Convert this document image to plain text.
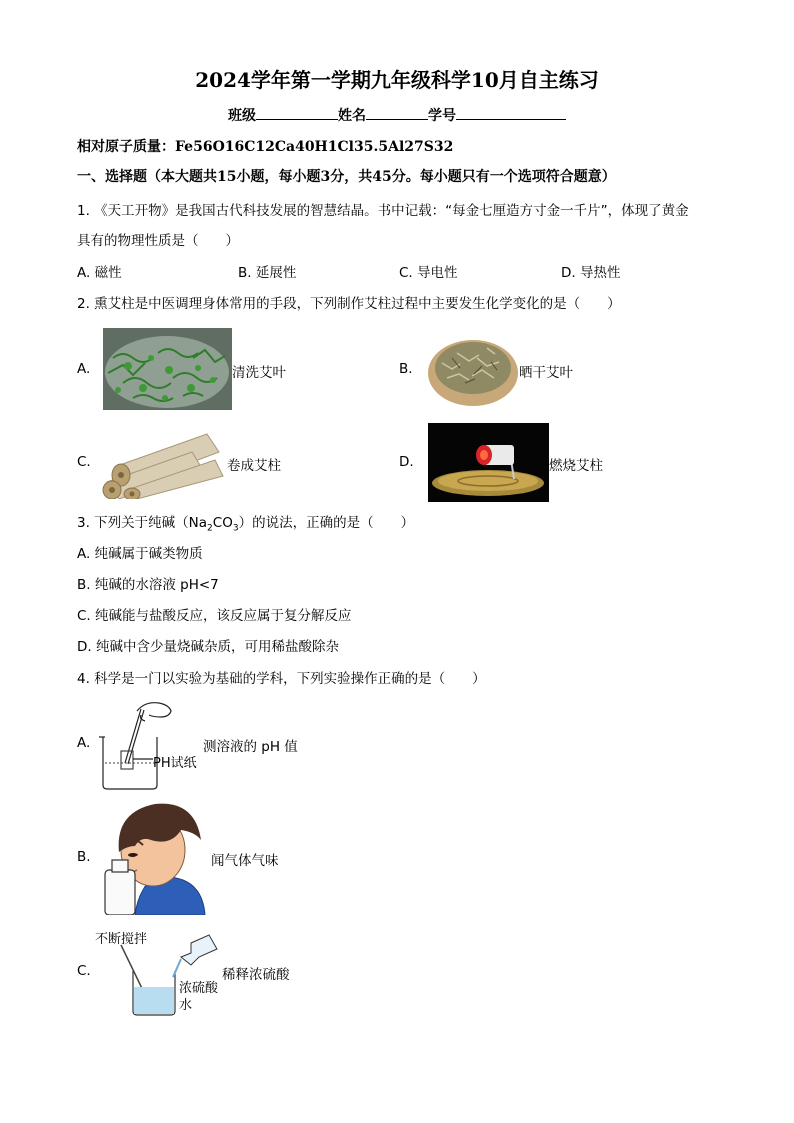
2024学年第一学期九年级科学10月自主练习
班级	姓名	学号
相对原子质量：Fe56O16C12Ca40H1Cl35.5Al27S32
一、选择题（本大题共15小题，每小题3分，共45分。每小题只有一个选项符合题意）
1. 《天工开物》是我国古代科技发展的智慧结晶。书中记载：“每金七厘造方寸金一千片”，体现了黄金
具有的物理性质是（　　）
A. 磁性	B. 延展性	C. 导电性	D. 导热性
2. 熏艾柱是中医调理身体常用的手段，下列制作艾柱过程中主要发生化学变化的是（　　）
A.	清洗艾叶	B.	晒干艾叶
C.	卷成艾柱	D.	燃烧艾柱
3. 下列关于纯碱$(Na_2CO_3)$的说法，正确的是（　　）
A. 纯碱属于碱类物质
B. 纯碱的水溶液 pH<7
C. 纯碱能与盐酸反应，该反应属于复分解反应
D. 纯碱中含少量烧碱杂质，可用稀盐酸除杂
4. 科学是一门以实验为基础的学科，下列实验操作正确的是（　　）
A.
PH试纸
测溶液的 pH 值
B.	闻气体气味
C.
不断搅拌
浓硫酸
水
稀释浓硫酸
